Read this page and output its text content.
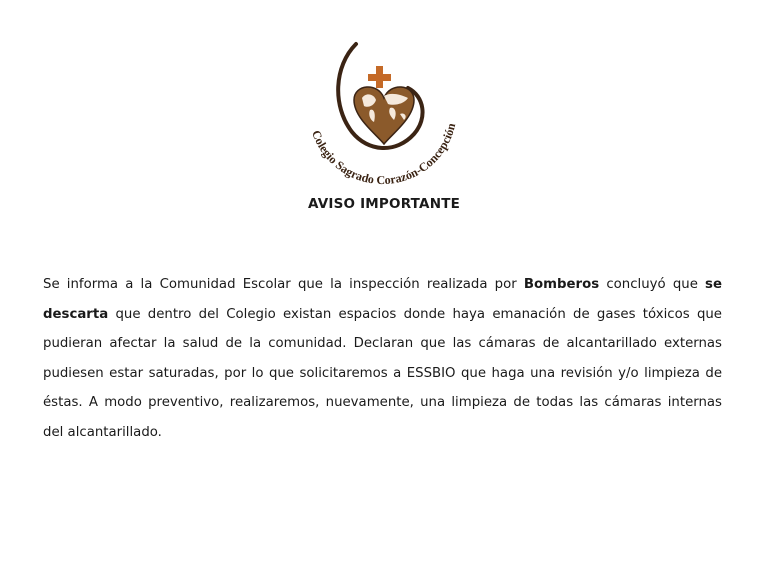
Colegio Sagrado Corazón-Concepción
AVISO IMPORTANTE

Se informa a la Comunidad Escolar que la inspección realizada por Bomberos concluyó que se descarta que dentro del Colegio existan espacios donde haya emanación de gases tóxicos que pudieran afectar la salud de la comunidad. Declaran que las cámaras de alcantarillado externas pudiesen estar saturadas, por lo que solicitaremos a ESSBIO que haga una revisión y/o limpieza de éstas. A modo preventivo, realizaremos, nuevamente, una limpieza de todas las cámaras internas del alcantarillado.
